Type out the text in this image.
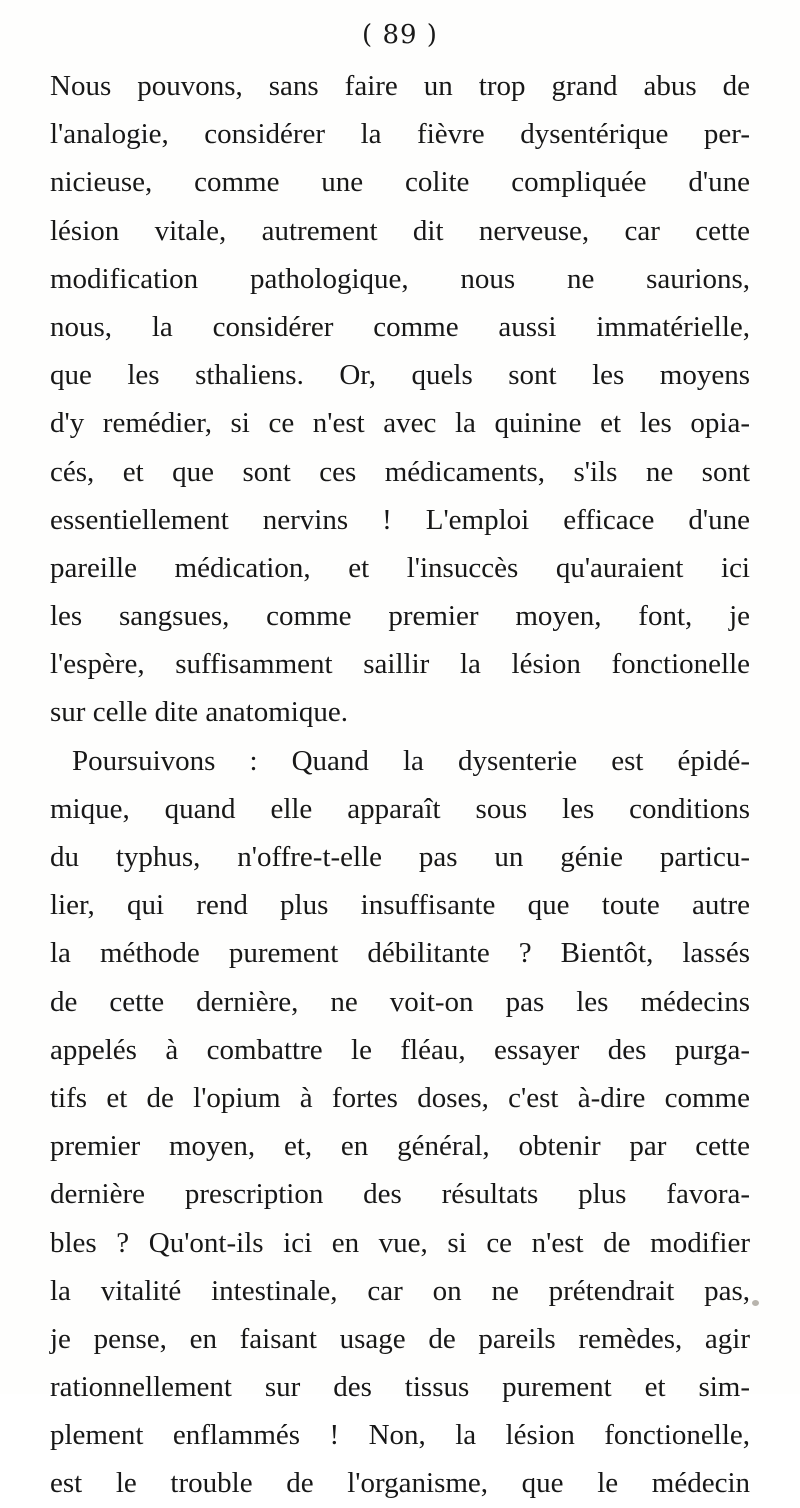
( 89 )
Nous pouvons, sans faire un trop grand abus de
l'analogie, considérer la fièvre dysentérique per-
nicieuse, comme une colite compliquée d'une
lésion vitale, autrement dit nerveuse, car cette
modification pathologique, nous ne saurions,
nous, la considérer comme aussi immatérielle,
que les sthaliens. Or, quels sont les moyens
d'y remédier, si ce n'est avec la quinine et les opia-
cés, et que sont ces médicaments, s'ils ne sont
essentiellement nervins ! L'emploi efficace d'une
pareille médication, et l'insuccès qu'auraient ici
les sangsues, comme premier moyen, font, je
l'espère, suffisamment saillir la lésion fonctionelle
sur celle dite anatomique.
Poursuivons : Quand la dysenterie est épidé-
mique, quand elle apparaît sous les conditions
du typhus, n'offre-t-elle pas un génie particu-
lier, qui rend plus insuffisante que toute autre
la méthode purement débilitante ? Bientôt, lassés
de cette dernière, ne voit-on pas les médecins
appelés à combattre le fléau, essayer des purga-
tifs et de l'opium à fortes doses, c'est à-dire comme
premier moyen, et, en général, obtenir par cette
dernière prescription des résultats plus favora-
bles ? Qu'ont-ils ici en vue, si ce n'est de modifier
la vitalité intestinale, car on ne prétendrait pas,
je pense, en faisant usage de pareils remèdes, agir
rationnellement sur des tissus purement et sim-
plement enflammés ! Non, la lésion fonctionelle,
est le trouble de l'organisme, que le médecin
